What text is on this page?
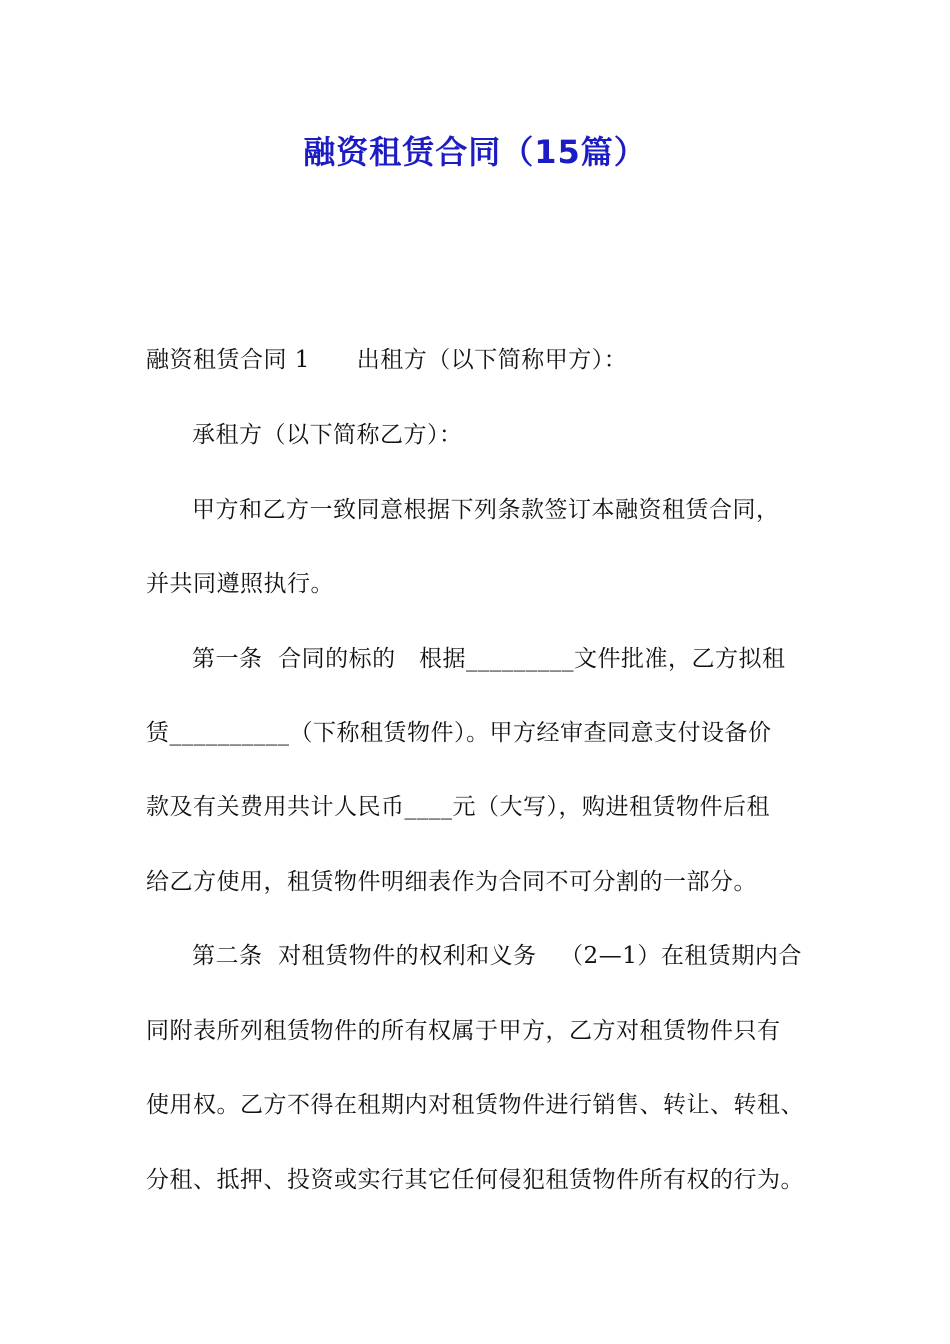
融资租赁合同（15篇）
融资租赁合同 1      出租方（以下简称甲方）：
承租方（以下简称乙方）：
甲方和乙方一致同意根据下列条款签订本融资租赁合同，
并共同遵照执行。
第一条  合同的标的   根据_________文件批准，乙方拟租
赁__________（下称租赁物件）。甲方经审查同意支付设备价
款及有关费用共计人民币____元（大写），购进租赁物件后租
给乙方使用，租赁物件明细表作为合同不可分割的一部分。
第二条  对租赁物件的权利和义务   （2—1）在租赁期内合
同附表所列租赁物件的所有权属于甲方，乙方对租赁物件只有
使用权。乙方不得在租期内对租赁物件进行销售、转让、转租、
分租、抵押、投资或实行其它任何侵犯租赁物件所有权的行为。
